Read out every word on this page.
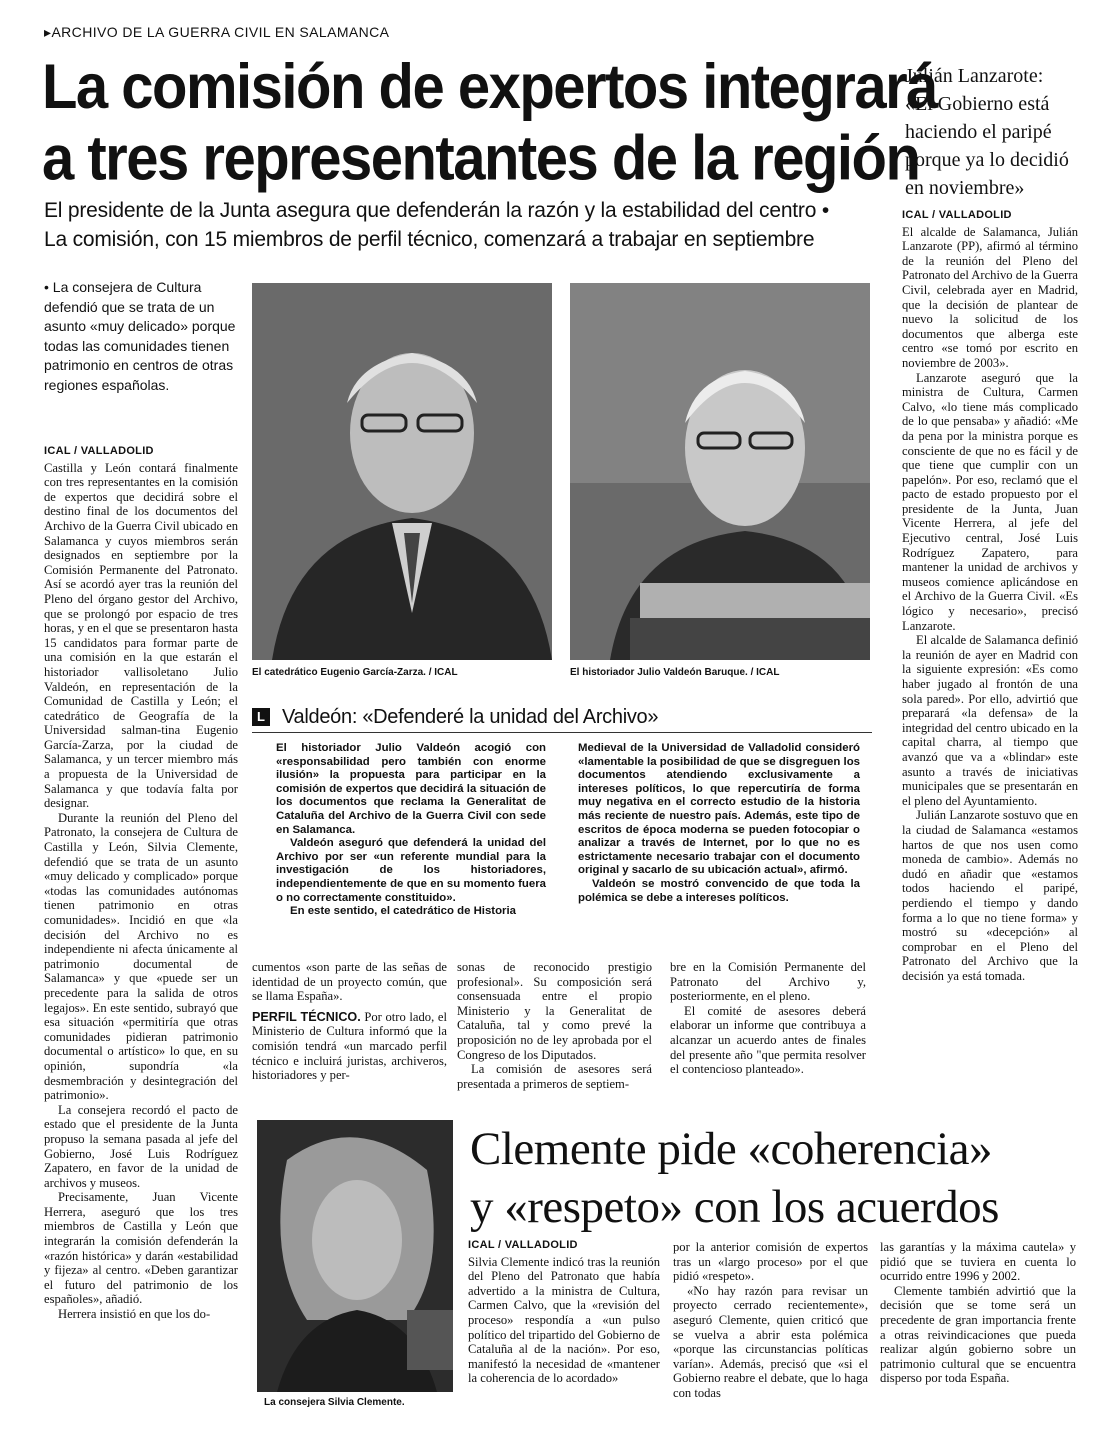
▸ARCHIVO DE LA GUERRA CIVIL EN SALAMANCA
La comisión de expertos integrará
a tres representantes de la región
El presidente de la Junta asegura que defenderán la razón y la estabilidad del centro •
La comisión, con 15 miembros de perfil técnico, comenzará a trabajar en septiembre
Julián Lanzarote: «El Gobierno está haciendo el paripé porque ya lo decidió en noviembre»
ICAL / VALLADOLID

El alcalde de Salamanca, Julián Lanzarote (PP), afirmó al término de la reunión del Pleno del Patronato del Archivo de la Guerra Civil, celebrada ayer en Madrid, que la decisión de plantear de nuevo la solicitud de los documentos que alberga este centro «se tomó por escrito en noviembre de 2003».

Lanzarote aseguró que la ministra de Cultura, Carmen Calvo, «lo tiene más complicado de lo que pensaba» y añadió: «Me da pena por la ministra porque es consciente de que no es fácil y de que tiene que cumplir con un papelón». Por eso, reclamó que el pacto de estado propuesto por el presidente de la Junta, Juan Vicente Herrera, al jefe del Ejecutivo central, José Luis Rodríguez Zapatero, para mantener la unidad de archivos y museos comience aplicándose en el Archivo de la Guerra Civil. «Es lógico y necesario», precisó Lanzarote.

El alcalde de Salamanca definió la reunión de ayer en Madrid con la siguiente expresión: «Es como haber jugado al frontón de una sola pared». Por ello, advirtió que preparará «la defensa» de la integridad del centro ubicado en la capital charra, al tiempo que avanzó que va a «blindar» este asunto a través de iniciativas municipales que se presentarán en el pleno del Ayuntamiento.

Julián Lanzarote sostuvo que en la ciudad de Salamanca «estamos hartos de que nos usen como moneda de cambio». Además no dudó en añadir que «estamos todos haciendo el paripé, perdiendo el tiempo y dando forma a lo que no tiene forma» y mostró su «decepción» al comprobar en el Pleno del Patronato del Archivo que la decisión ya está tomada.

• La consejera de Cultura defendió que se trata de un asunto «muy delicado» porque todas las comunidades tienen patrimonio en centros de otras regiones españolas.
ICAL / VALLADOLID

Castilla y León contará finalmente con tres representantes en la comisión de expertos que decidirá sobre el destino final de los documentos del Archivo de la Guerra Civil ubicado en Salamanca y cuyos miembros serán designados en septiembre por la Comisión Permanente del Patronato. Así se acordó ayer tras la reunión del Pleno del órgano gestor del Archivo, que se prolongó por espacio de tres horas, y en el que se presentaron hasta 15 candidatos para formar parte de una comisión en la que estarán el historiador vallisoletano Julio Valdeón, en representación de la Comunidad de Castilla y León; el catedrático de Geografía de la Universidad salman-tina Eugenio García-Zarza, por la ciudad de Salamanca, y un tercer miembro más a propuesta de la Universidad de Salamanca y que todavía falta por designar.

Durante la reunión del Pleno del Patronato, la consejera de Cultura de Castilla y León, Silvia Clemente, defendió que se trata de un asunto «muy delicado y complicado» porque «todas las comunidades autónomas tienen patrimonio en otras comunidades». Incidió en que «la decisión del Archivo no es independiente ni afecta únicamente al patrimonio documental de Salamanca» y que «puede ser un precedente para la salida de otros legajos». En este sentido, subrayó que esa situación «permitiría que otras comunidades pidieran patrimonio documental o artístico» lo que, en su opinión, supondría «la desmembración y desintegración del patrimonio».

La consejera recordó el pacto de estado que el presidente de la Junta propuso la semana pasada al jefe del Gobierno, José Luis Rodríguez Zapatero, en favor de la unidad de archivos y museos.

Precisamente, Juan Vicente Herrera, aseguró que los tres miembros de Castilla y León que integrarán la comisión defenderán la «razón histórica» y darán «estabilidad y fijeza» al centro. «Deben garantizar el futuro del patrimonio de los españoles», añadió.

Herrera insistió en que los do-

El catedrático Eugenio García-Zarza. / ICAL	El historiador Julio Valdeón Baruque. / ICAL
L Valdeón: «Defenderé la unidad del Archivo»

El historiador Julio Valdeón acogió con «responsabilidad pero también con enorme ilusión» la propuesta para participar en la comisión de expertos que decidirá la situación de los documentos que reclama la Generalitat de Cataluña del Archivo de la Guerra Civil con sede en Salamanca.

Valdeón aseguró que defenderá la unidad del Archivo por ser «un referente mundial para la investigación de los historiadores, independientemente de que en su momento fuera o no correctamente constituido».

En este sentido, el catedrático de Historia

Medieval de la Universidad de Valladolid consideró «lamentable la posibilidad de que se disgreguen los documentos atendiendo exclusivamente a intereses políticos, lo que repercutiría de forma muy negativa en el correcto estudio de la historia más reciente de nuestro país. Además, este tipo de escritos de época moderna se pueden fotocopiar o analizar a través de Internet, por lo que no es estrictamente necesario trabajar con el documento original y sacarlo de su ubicación actual», afirmó.

Valdeón se mostró convencido de que toda la polémica se debe a intereses políticos.

cumentos «son parte de las señas de identidad de un proyecto común, que se llama España».

PERFIL TÉCNICO. Por otro lado, el Ministerio de Cultura informó que la comisión tendrá «un marcado perfil técnico e incluirá juristas, archiveros, historiadores y per-

sonas de reconocido prestigio profesional». Su composición será consensuada entre el propio Ministerio y la Generalitat de Cataluña, tal y como prevé la proposición no de ley aprobada por el Congreso de los Diputados.

La comisión de asesores será presentada a primeros de septiem-

bre en la Comisión Permanente del Patronato del Archivo y, posteriormente, en el pleno.

El comité de asesores deberá elaborar un informe que contribuya a alcanzar un acuerdo antes de finales del presente año "que permita resolver el contencioso planteado».

La consejera Silvia Clemente.
Clemente pide «coherencia»
y «respeto» con los acuerdos
ICAL / VALLADOLID

Silvia Clemente indicó tras la reunión del Pleno del Patronato que había advertido a la ministra de Cultura, Carmen Calvo, que la «revisión del proceso» respondía a «un pulso político del tripartido del Gobierno de Cataluña al de la nación». Por eso, manifestó la necesidad de «mantener la coherencia de lo acordado»

por la anterior comisión de expertos tras un «largo proceso» por el que pidió «respeto».

«No hay razón para revisar un proyecto cerrado recientemente», aseguró Clemente, quien criticó que se vuelva a abrir esta polémica «porque las circunstancias políticas varían». Además, precisó que «si el Gobierno reabre el debate, que lo haga con todas

las garantías y la máxima cautela» y pidió que se tuviera en cuenta lo ocurrido entre 1996 y 2002.

Clemente también advirtió que la decisión que se tome será un precedente de gran importancia frente a otras reivindicaciones que pueda realizar algún gobierno sobre un patrimonio cultural que se encuentra disperso por toda España.
